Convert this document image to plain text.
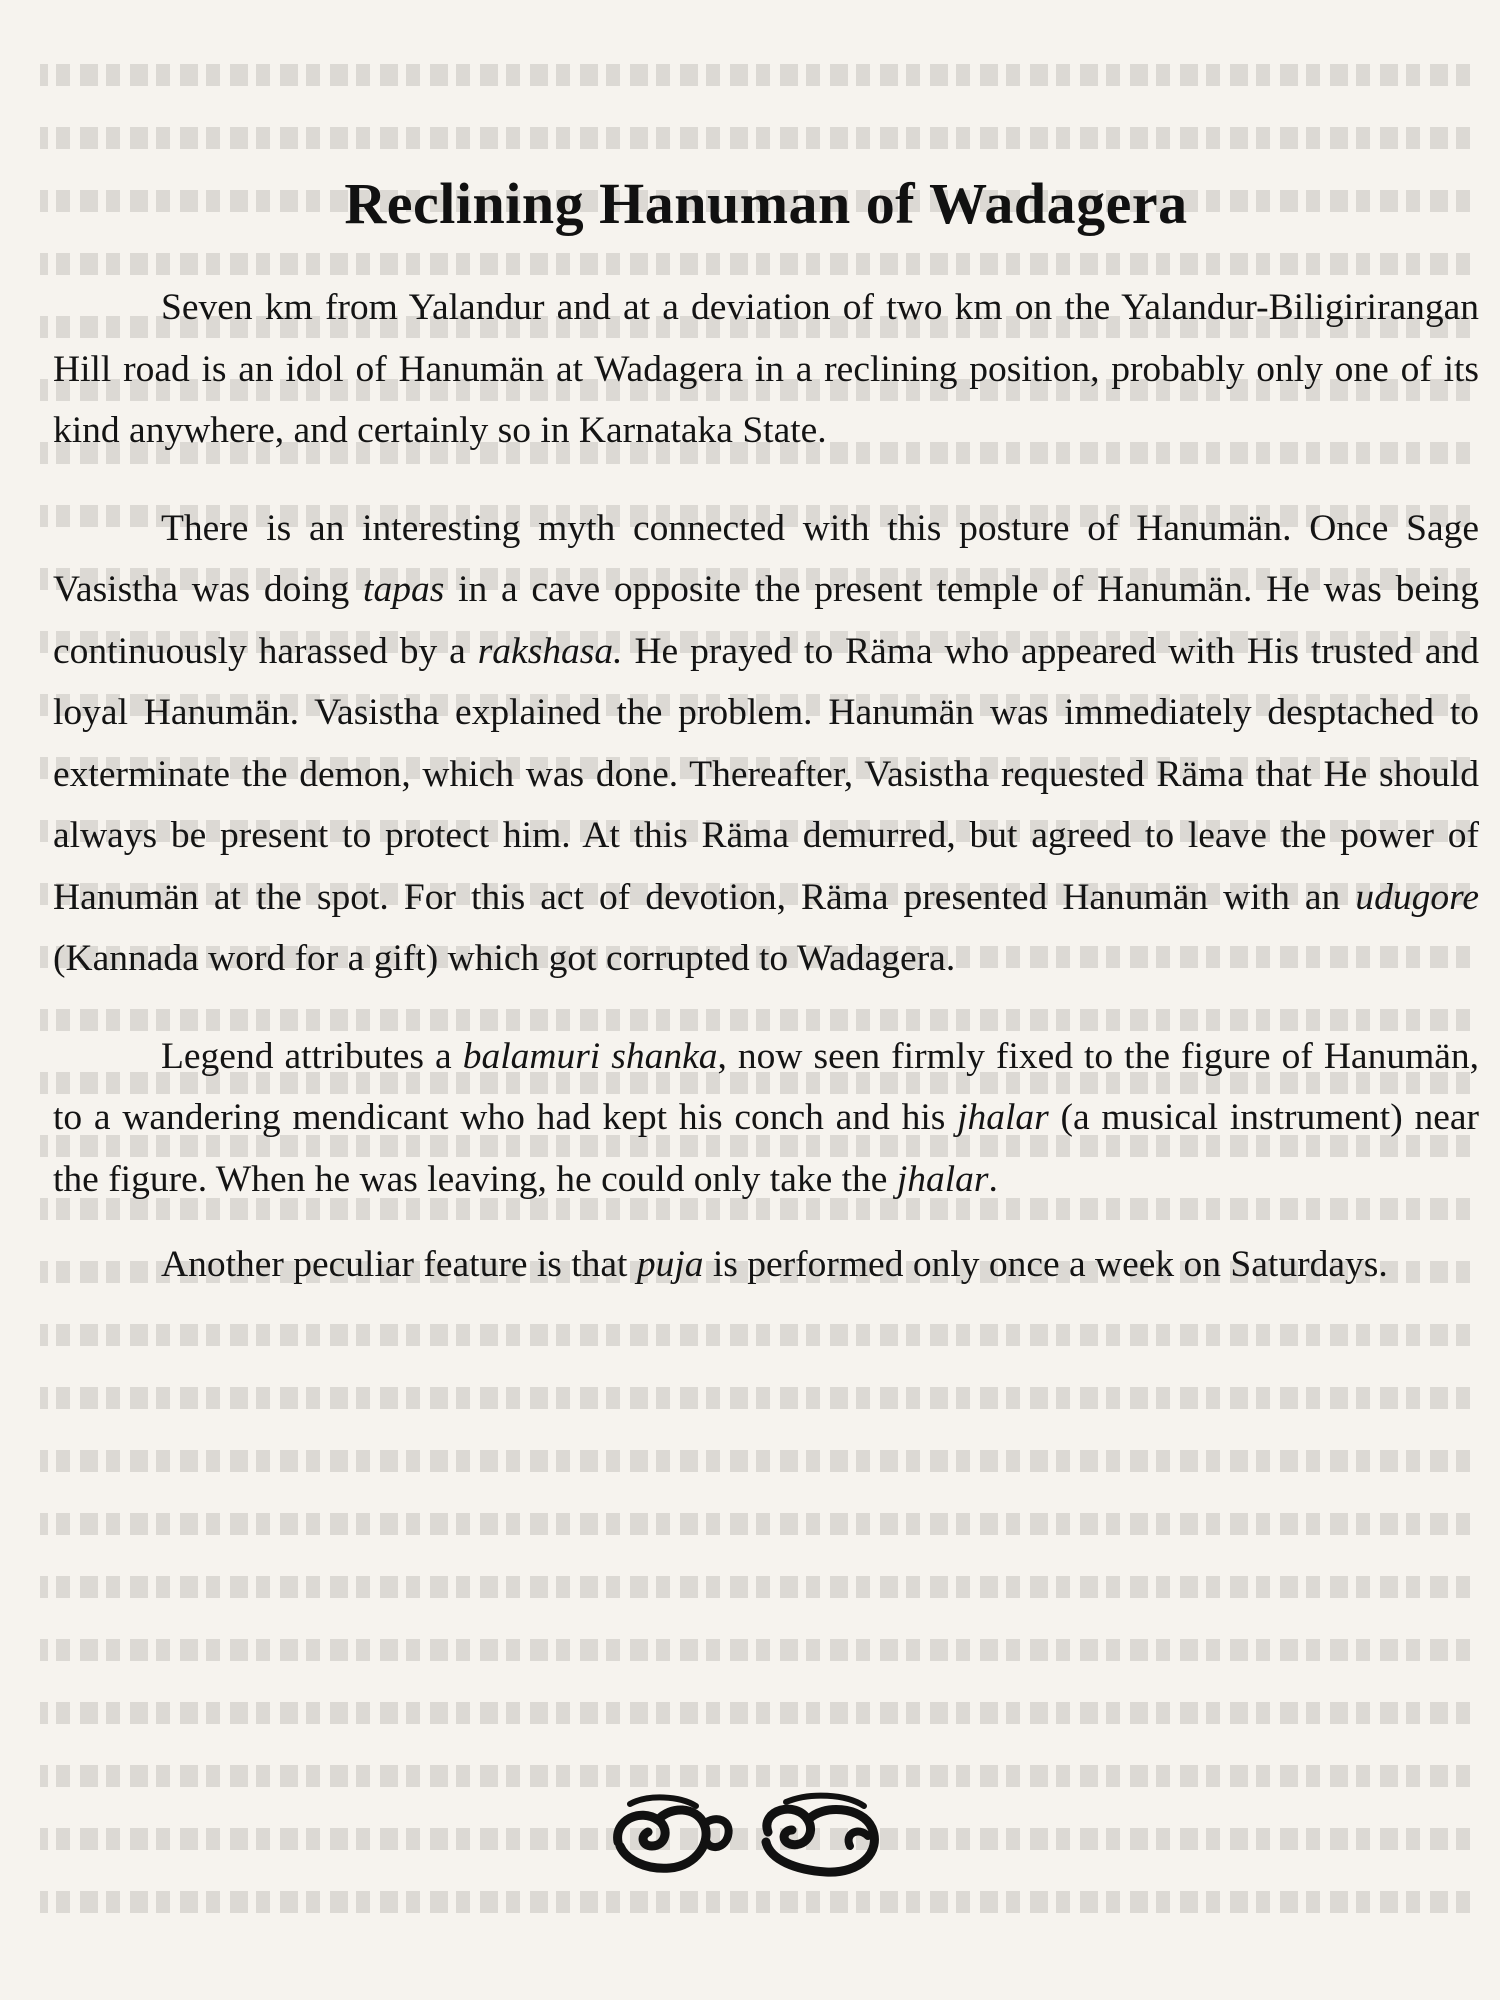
Reclining Hanuman of Wadagera

Seven km from Yalandur and at a deviation of two km on the Yalandur-Biligirirangan Hill road is an idol of Hanumän at Wadagera in a reclining position, probably only one of its kind anywhere, and certainly so in Karnataka State.

There is an interesting myth connected with this posture of Hanumän. Once Sage Vasistha was doing tapas in a cave opposite the present temple of Hanumän. He was being continuously harassed by a rakshasa. He prayed to Räma who appeared with His trusted and loyal Hanumän. Vasistha explained the problem. Hanumän was immediately desptached to exterminate the demon, which was done. Thereafter, Vasistha requested Räma that He should always be present to protect him. At this Räma demurred, but agreed to leave the power of Hanumän at the spot. For this act of devotion, Räma presented Hanumän with an udugore (Kannada word for a gift) which got corrupted to Wadagera.

Legend attributes a balamuri shanka, now seen firmly fixed to the figure of Hanumän, to a wandering mendicant who had kept his conch and his jhalar (a musical instrument) near the figure. When he was leaving, he could only take the jhalar.

Another peculiar feature is that puja is performed only once a week on Saturdays.
